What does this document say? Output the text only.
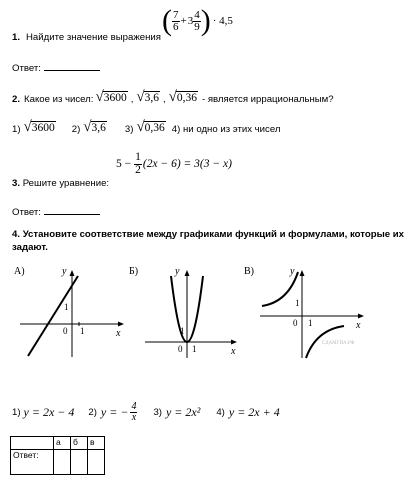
1. Найдите значение выражения
( $\frac{7}{6} + 3 \frac{4}{9}$ ) · 4,5
Ответ:
2. Какое из чисел: √ 3600 , √ 3,6 , √ 0,36 - является иррациональным?
1) √ 3600 2) √ 3,6 3) √ 0,36 4) ни одно из этих чисел
$5 - \frac{1}{2} (2x - 6) = 3(3 - x)$
3. Решите уравнение:
Ответ:
4. Установите соответствие между графиками функций и формулами, которые их
задают.
А)
0 1
1
y
x
Б)
0 1
1
y
x
В)
0 1
1
y
x
СДАМГИА.РФ
1) y = 2x − 4 2) y = − $\frac{4}{x} 3$) y = 2x² 4) y = 2x + 4
	а	б	в
Ответ:			
